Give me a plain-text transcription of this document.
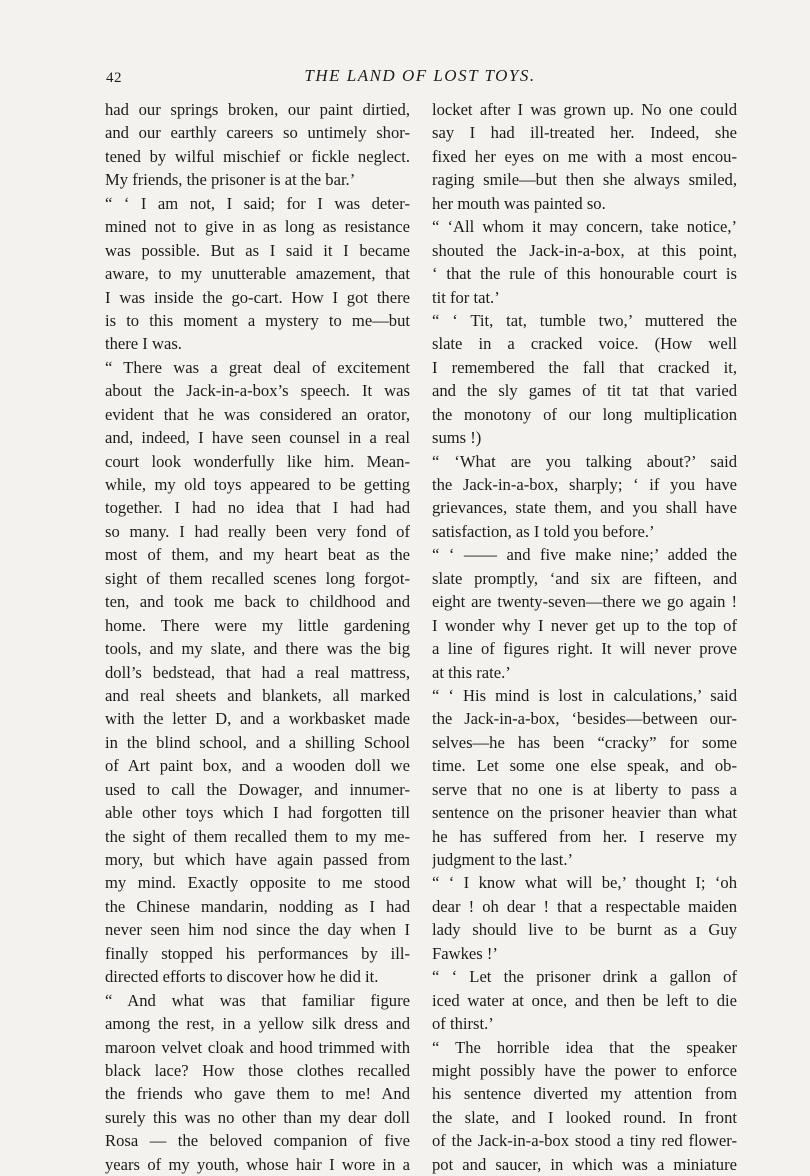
42	THE LAND OF LOST TOYS.
had our springs broken, our paint dirtied,
and our earthly careers so untimely shor-
tened by wilful mischief or fickle neglect.
My friends, the prisoner is at the bar.’
“ ‘ I am not, I said; for I was deter-
mined not to give in as long as resistance
was possible. But as I said it I became
aware, to my unutterable amazement, that
I was inside the go-cart. How I got there
is to this moment a mystery to me—but
there I was.
“ There was a great deal of excitement
about the Jack-in-a-box’s speech. It was
evident that he was considered an orator,
and, indeed, I have seen counsel in a real
court look wonderfully like him. Mean-
while, my old toys appeared to be getting
together. I had no idea that I had had
so many. I had really been very fond of
most of them, and my heart beat as the
sight of them recalled scenes long forgot-
ten, and took me back to childhood and
home. There were my little gardening
tools, and my slate, and there was the big
doll’s bedstead, that had a real mattress,
and real sheets and blankets, all marked
with the letter D, and a workbasket made
in the blind school, and a shilling School
of Art paint box, and a wooden doll we
used to call the Dowager, and innumer-
able other toys which I had forgotten till
the sight of them recalled them to my me-
mory, but which have again passed from
my mind. Exactly opposite to me stood
the Chinese mandarin, nodding as I had
never seen him nod since the day when I
finally stopped his performances by ill-
directed efforts to discover how he did it.
“ And what was that familiar figure
among the rest, in a yellow silk dress and
maroon velvet cloak and hood trimmed with
black lace? How those clothes recalled
the friends who gave them to me! And
surely this was no other than my dear doll
Rosa — the beloved companion of five
years of my youth, whose hair I wore in a
locket after I was grown up. No one could
say I had ill-treated her. Indeed, she
fixed her eyes on me with a most encou-
raging smile—but then she always smiled,
her mouth was painted so.
“ ‘All whom it may concern, take notice,’
shouted the Jack-in-a-box, at this point,
‘ that the rule of this honourable court is
tit for tat.’
“ ‘ Tit, tat, tumble two,’ muttered the
slate in a cracked voice. (How well
I remembered the fall that cracked it,
and the sly games of tit tat that varied
the monotony of our long multiplication
sums !)
“ ‘What are you talking about?’ said
the Jack-in-a-box, sharply; ‘ if you have
grievances, state them, and you shall have
satisfaction, as I told you before.’
“ ‘ —— and five make nine;’ added the
slate promptly, ‘and six are fifteen, and
eight are twenty-seven—there we go again !
I wonder why I never get up to the top of
a line of figures right. It will never prove
at this rate.’
“ ‘ His mind is lost in calculations,’ said
the Jack-in-a-box, ‘besides—between our-
selves—he has been “cracky” for some
time. Let some one else speak, and ob-
serve that no one is at liberty to pass a
sentence on the prisoner heavier than what
he has suffered from her. I reserve my
judgment to the last.’
“ ‘ I know what will be,’ thought I; ‘oh
dear ! oh dear ! that a respectable maiden
lady should live to be burnt as a Guy
Fawkes !’
“ ‘ Let the prisoner drink a gallon of
iced water at once, and then be left to die
of thirst.’
“ The horrible idea that the speaker
might possibly have the power to enforce
his sentence diverted my attention from
the slate, and I looked round. In front
of the Jack-in-a-box stood a tiny red flower-
pot and saucer, in which was a miniature
